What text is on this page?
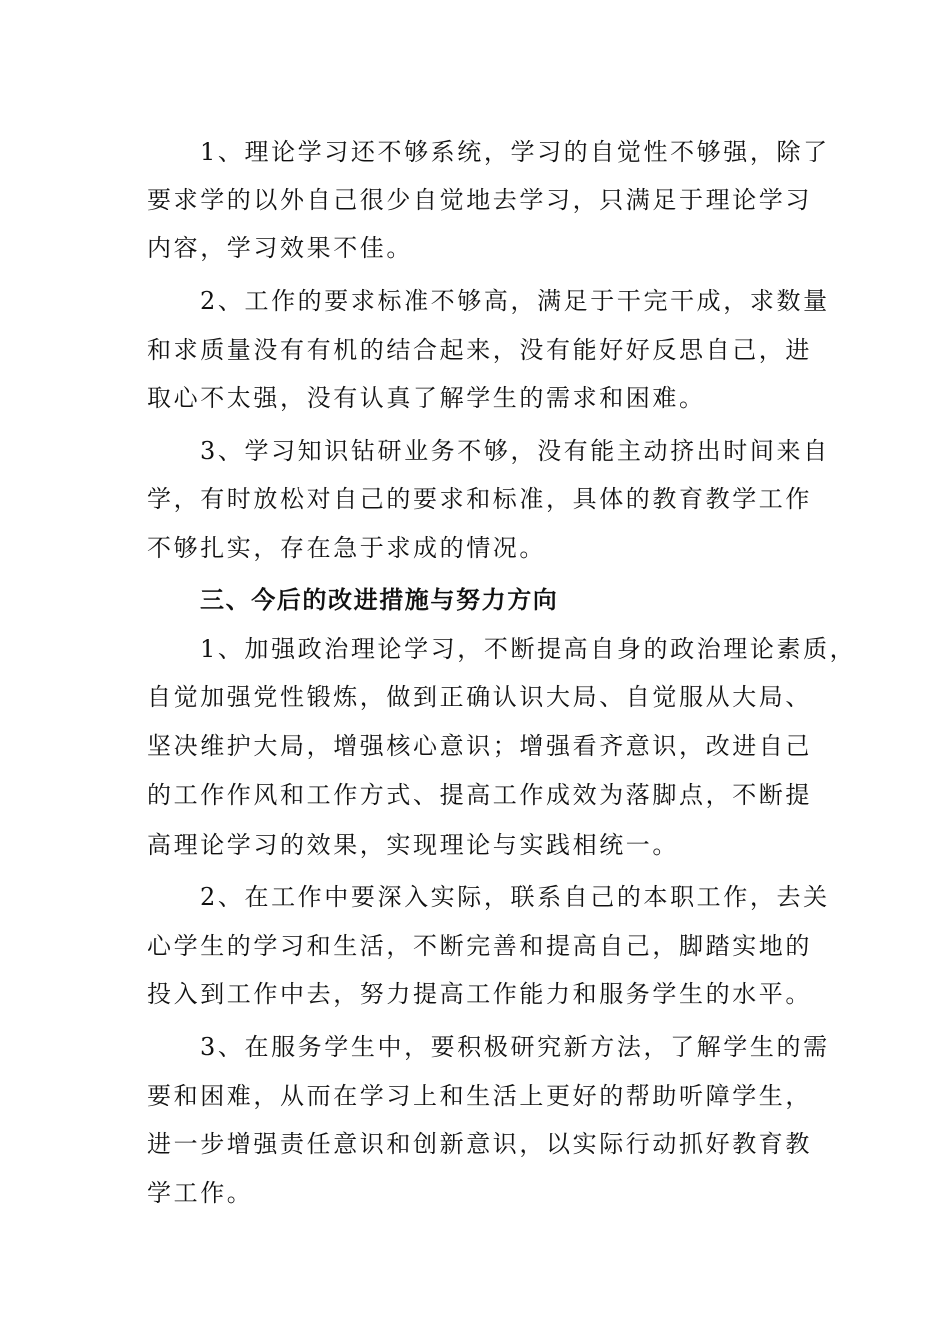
1、理论学习还不够系统，学习的自觉性不够强，除了
要求学的以外自己很少自觉地去学习，只满足于理论学习
内容，学习效果不佳。
2、工作的要求标准不够高，满足于干完干成，求数量
和求质量没有有机的结合起来，没有能好好反思自己，进
取心不太强，没有认真了解学生的需求和困难。
3、学习知识钻研业务不够，没有能主动挤出时间来自
学，有时放松对自己的要求和标准，具体的教育教学工作
不够扎实，存在急于求成的情况。
三、今后的改进措施与努力方向
1、加强政治理论学习，不断提高自身的政治理论素质，
自觉加强党性锻炼，做到正确认识大局、自觉服从大局、
坚决维护大局，增强核心意识；增强看齐意识，改进自己
的工作作风和工作方式、提高工作成效为落脚点，不断提
高理论学习的效果，实现理论与实践相统一。
2、在工作中要深入实际，联系自己的本职工作，去关
心学生的学习和生活，不断完善和提高自己，脚踏实地的
投入到工作中去，努力提高工作能力和服务学生的水平。
3、在服务学生中，要积极研究新方法，了解学生的需
要和困难，从而在学习上和生活上更好的帮助听障学生，
进一步增强责任意识和创新意识，以实际行动抓好教育教
学工作。
